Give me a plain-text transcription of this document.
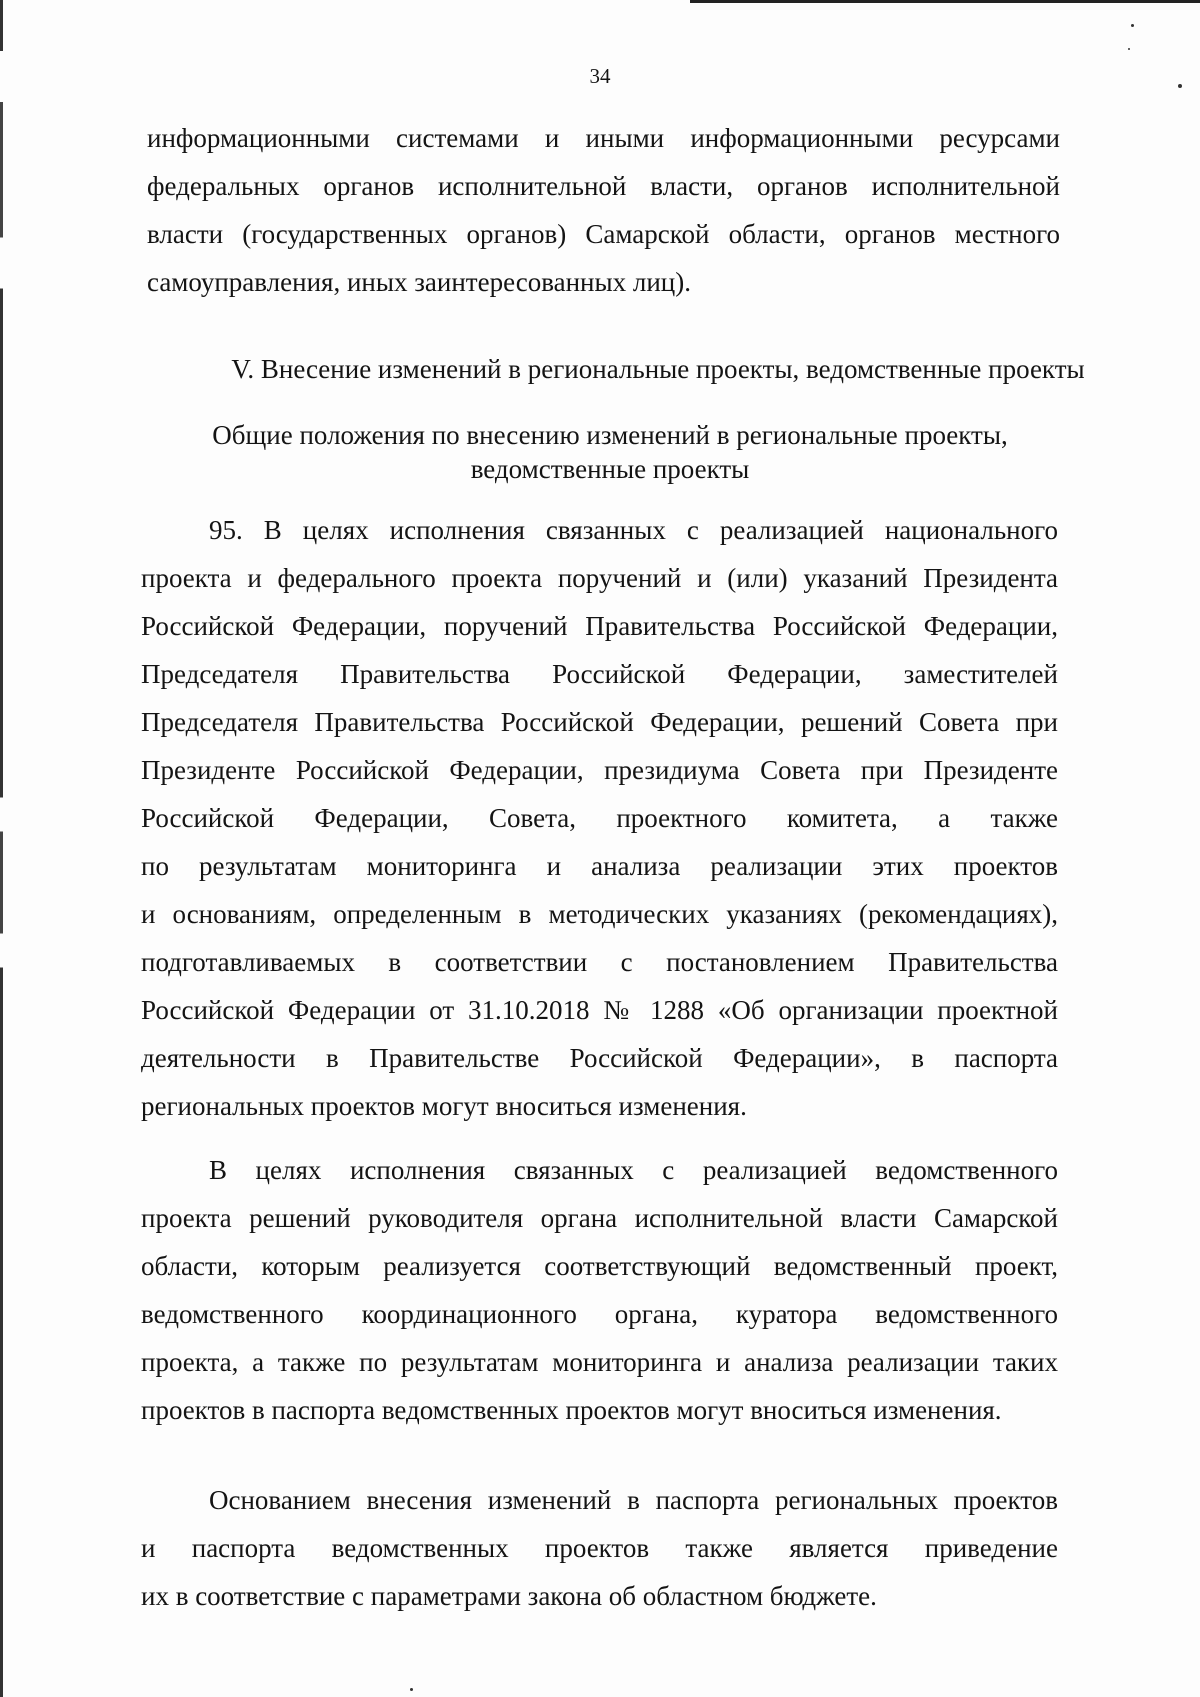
34
информационными системами и иными информационными ресурсами
федеральных органов исполнительной власти, органов исполнительной
власти (государственных органов) Самарской области, органов местного
самоуправления, иных заинтересованных лиц).
V. Внесение изменений в региональные проекты, ведомственные проекты
Общие положения по внесению изменений в региональные проекты,
ведомственные проекты
95. В целях исполнения связанных с реализацией национального
проекта и федерального проекта поручений и (или) указаний Президента
Российской Федерации, поручений Правительства Российской Федерации,
Председателя Правительства Российской Федерации, заместителей
Председателя Правительства Российской Федерации, решений Совета при
Президенте Российской Федерации, президиума Совета при Президенте
Российской Федерации, Совета, проектного комитета, а также
по результатам мониторинга и анализа реализации этих проектов
и основаниям, определенным в методических указаниях (рекомендациях),
подготавливаемых в соответствии с постановлением Правительства
Российской Федерации от 31.10.2018 № 1288 «Об организации проектной
деятельности в Правительстве Российской Федерации», в паспорта
региональных проектов могут вноситься изменения.
В целях исполнения связанных с реализацией ведомственного
проекта решений руководителя органа исполнительной власти Самарской
области, которым реализуется соответствующий ведомственный проект,
ведомственного координационного органа, куратора ведомственного
проекта, а также по результатам мониторинга и анализа реализации таких
проектов в паспорта ведомственных проектов могут вноситься изменения.
Основанием внесения изменений в паспорта региональных проектов
и паспорта ведомственных проектов также является приведение
их в соответствие с параметрами закона об областном бюджете.
